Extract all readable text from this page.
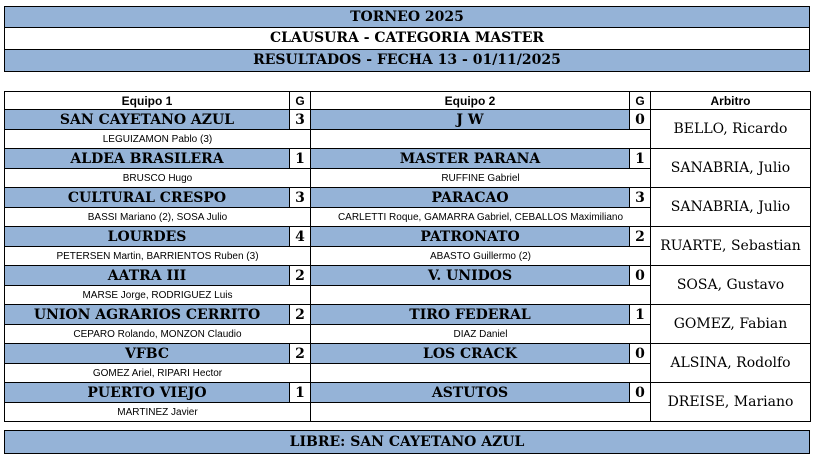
TORNEO 2025
CLAUSURA - CATEGORIA MASTER
RESULTADOS - FECHA 13 - 01/11/2025
Equipo 1	G	Equipo 2	G	Arbitro
SAN CAYETANO AZUL	3	J W	0	BELLO, Ricardo
LEGUIZAMON Pablo (3)				
ALDEA BRASILERA	1	MASTER PARANA	1	SANABRIA, Julio
BRUSCO Hugo		RUFFINE Gabriel		
CULTURAL CRESPO	3	PARACAO	3	SANABRIA, Julio
BASSI Mariano (2), SOSA Julio		CARLETTI Roque, GAMARRA Gabriel, CEBALLOS Maximiliano		
LOURDES	4	PATRONATO	2	RUARTE, Sebastian
PETERSEN Martin, BARRIENTOS Ruben (3)		ABASTO Guillermo (2)		
AATRA III	2	V. UNIDOS	0	SOSA, Gustavo
MARSE Jorge, RODRIGUEZ Luis				
UNION AGRARIOS CERRITO	2	TIRO FEDERAL	1	GOMEZ, Fabian
CEPARO Rolando, MONZON Claudio		DIAZ Daniel		
VFBC	2	LOS CRACK	0	ALSINA, Rodolfo
GOMEZ Ariel, RIPARI Hector				
PUERTO VIEJO	1	ASTUTOS	0	DREISE, Mariano
MARTINEZ Javier				
LIBRE: SAN CAYETANO AZUL
